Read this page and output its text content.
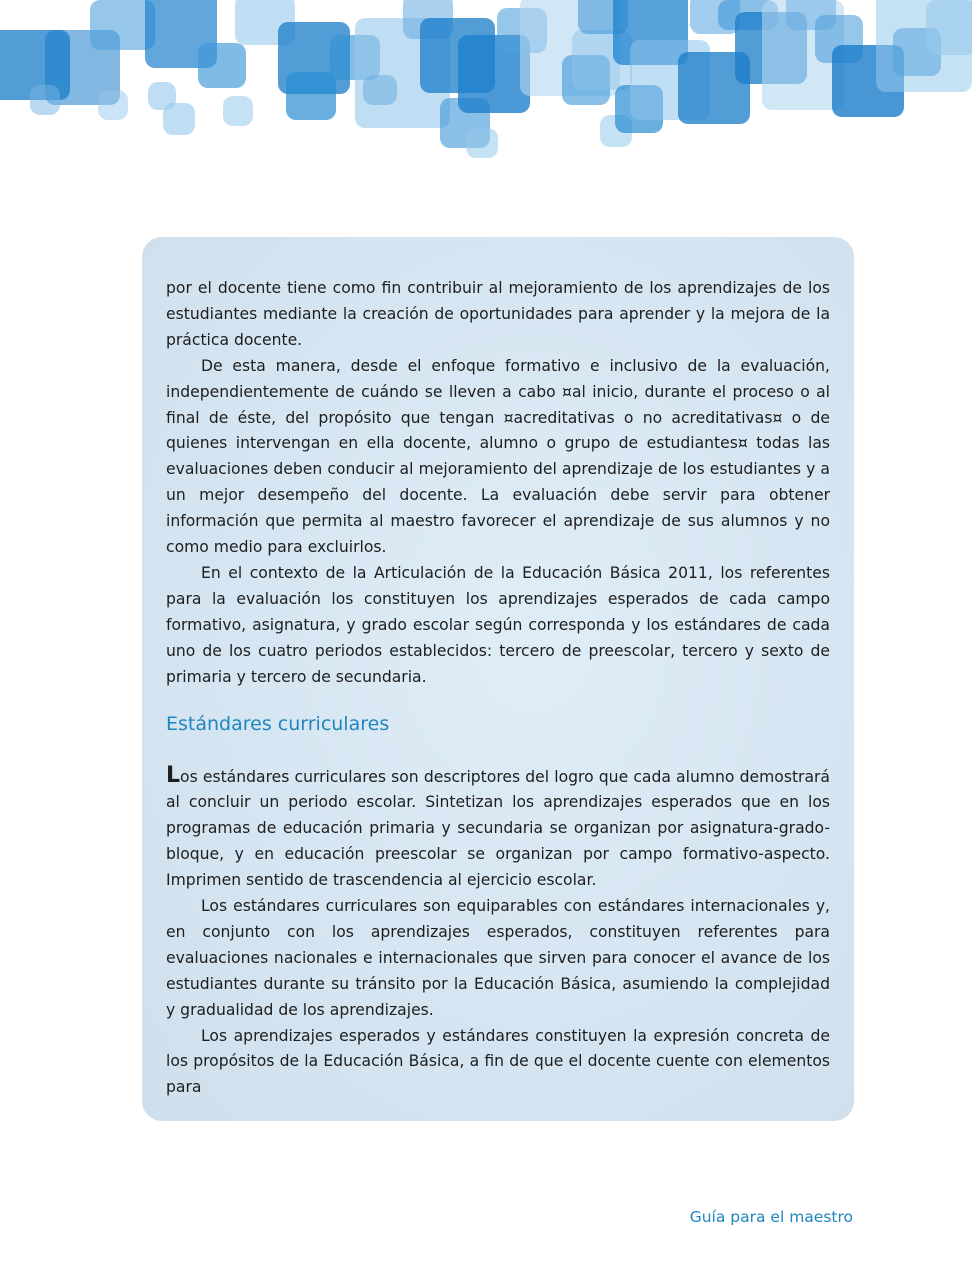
por el docente tiene como fin contribuir al mejoramiento de los aprendizajes de los estudiantes mediante la creación de oportunidades para aprender y la mejora de la práctica docente.

De esta manera, desde el enfoque formativo e inclusivo de la evaluación, independientemente de cuándo se lleven a cabo ¤al inicio, durante el proceso o al final de éste, del propósito que tengan ¤acreditativas o no acreditativas¤ o de quienes intervengan en ella docente, alumno o grupo de estudiantes¤ todas las evaluaciones deben conducir al mejoramiento del aprendizaje de los estudiantes y a un mejor desempeño del docente. La evaluación debe servir para obtener información que permita al maestro favorecer el aprendizaje de sus alumnos y no como medio para excluirlos.

En el contexto de la Articulación de la Educación Básica 2011, los referentes para la evaluación los constituyen los aprendizajes esperados de cada campo formativo, asignatura, y grado escolar según corresponda y los estándares de cada uno de los cuatro periodos establecidos: tercero de preescolar, tercero y sexto de primaria y tercero de secundaria.

Estándares curriculares

Los estándares curriculares son descriptores del logro que cada alumno demostrará al concluir un periodo escolar. Sintetizan los aprendizajes esperados que en los programas de educación primaria y secundaria se organizan por asignatura-grado-bloque, y en educación preescolar se organizan por campo formativo-aspecto. Imprimen sentido de trascendencia al ejercicio escolar.

Los estándares curriculares son equiparables con estándares internacionales y, en conjunto con los aprendizajes esperados, constituyen referentes para evaluaciones nacionales e internacionales que sirven para conocer el avance de los estudiantes durante su tránsito por la Educación Básica, asumiendo la complejidad y gradualidad de los aprendizajes.

Los aprendizajes esperados y estándares constituyen la expresión concreta de los propósitos de la Educación Básica, a fin de que el docente cuente con elementos para

Guía para el maestro
